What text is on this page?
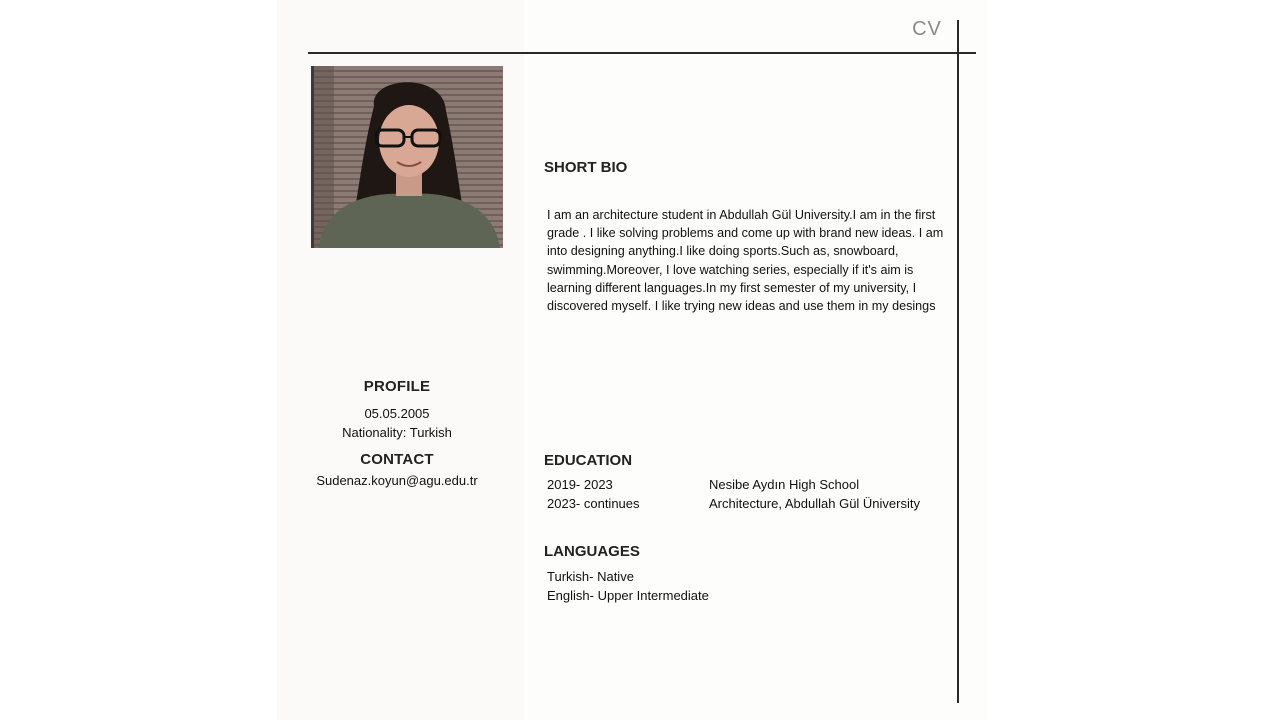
CV
PROFILE
05.05.2005
Nationality: Turkish
CONTACT
Sudenaz.koyun@agu.edu.tr
SHORT BIO
I am an architecture student in Abdullah Gül University.I am in the first grade . I like solving problems and come up with brand new ideas. I am into designing anything.I like doing sports.Such as, snowboard, swimming.Moreover, I love watching series, especially if it's aim is learning different languages.In my first semester of my university, I discovered myself. I like trying new ideas and use them in my desings
EDUCATION
2019- 2023	Nesibe Aydın High School
2023- continues	Architecture, Abdullah Gül Üniversity
LANGUAGES
Turkish- Native
English- Upper Intermediate
